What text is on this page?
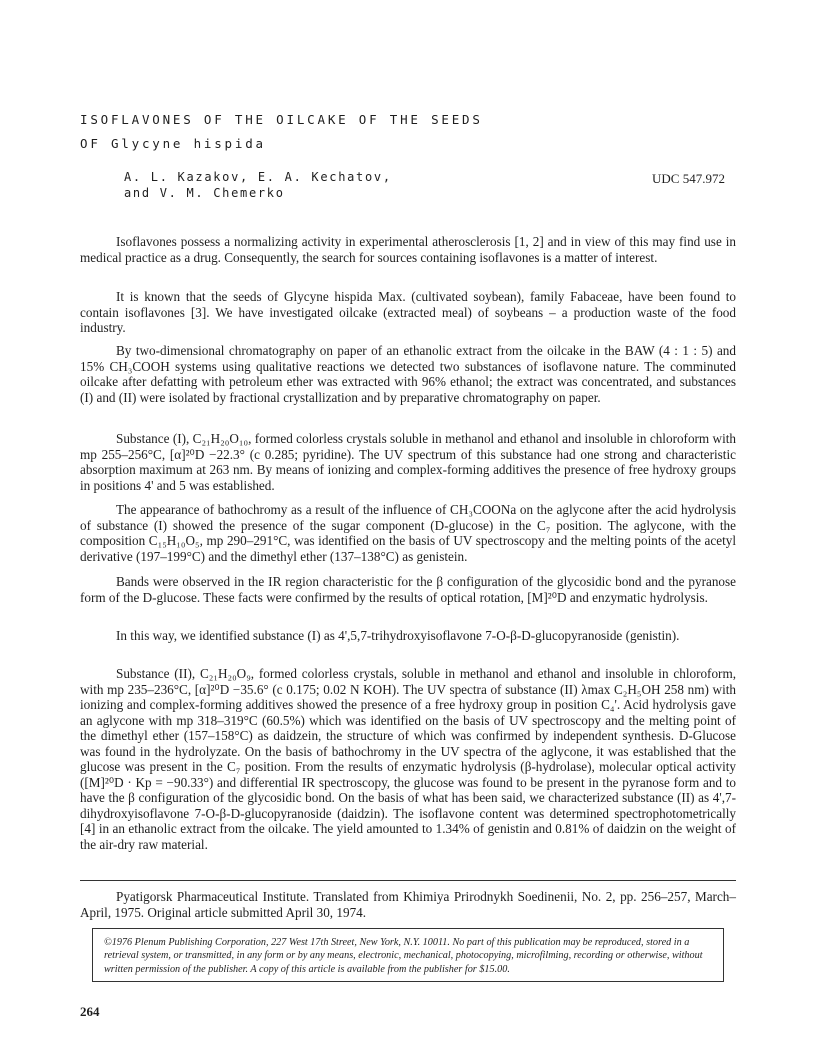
ISOFLAVONES OF THE OILCAKE OF THE SEEDS
OF Glycyne hispida
A. L. Kazakov, E. A. Kechatov,
and V. M. Chemerko
UDC 547.972

Isoflavones possess a normalizing activity in experimental atherosclerosis [1, 2] and in view of this may find use in medical practice as a drug. Consequently, the search for sources containing isoflavones is a matter of interest.

It is known that the seeds of Glycyne hispida Max. (cultivated soybean), family Fabaceae, have been found to contain isoflavones [3]. We have investigated oilcake (extracted meal) of soybeans – a production waste of the food industry.

By two-dimensional chromatography on paper of an ethanolic extract from the oilcake in the BAW (4 : 1 : 5) and 15% CH₃COOH systems using qualitative reactions we detected two substances of isoflavone nature. The comminuted oilcake after defatting with petroleum ether was extracted with 96% ethanol; the extract was concentrated, and substances (I) and (II) were isolated by fractional crystallization and by preparative chromatography on paper.

Substance (I), C₂₁H₂₀O₁₀, formed colorless crystals soluble in methanol and ethanol and insoluble in chloroform with mp 255–256°C, [α]²⁰D −22.3° (c 0.285; pyridine). The UV spectrum of this substance had one strong and characteristic absorption maximum at 263 nm. By means of ionizing and complex-forming additives the presence of free hydroxy groups in positions 4' and 5 was established.

The appearance of bathochromy as a result of the influence of CH₃COONa on the aglycone after the acid hydrolysis of substance (I) showed the presence of the sugar component (D-glucose) in the C₇ position. The aglycone, with the composition C₁₅H₁₀O₅, mp 290–291°C, was identified on the basis of UV spectroscopy and the melting points of the acetyl derivative (197–199°C) and the dimethyl ether (137–138°C) as genistein.

Bands were observed in the IR region characteristic for the β configuration of the glycosidic bond and the pyranose form of the D-glucose. These facts were confirmed by the results of optical rotation, [M]²⁰D and enzymatic hydrolysis.

In this way, we identified substance (I) as 4',5,7-trihydroxyisoflavone 7-O-β-D-glucopyranoside (genistin).

Substance (II), C₂₁H₂₀O₉, formed colorless crystals, soluble in methanol and ethanol and insoluble in chloroform, with mp 235–236°C, [α]²⁰D −35.6° (c 0.175; 0.02 N KOH). The UV spectra of substance (II) λmax C₂H₅OH 258 nm) with ionizing and complex-forming additives showed the presence of a free hydroxy group in position C₄'. Acid hydrolysis gave an aglycone with mp 318–319°C (60.5%) which was identified on the basis of UV spectroscopy and the melting point of the dimethyl ether (157–158°C) as daidzein, the structure of which was confirmed by independent synthesis. D-Glucose was found in the hydrolyzate. On the basis of bathochromy in the UV spectra of the aglycone, it was established that the glucose was present in the C₇ position. From the results of enzymatic hydrolysis (β-hydrolase), molecular optical activity ([M]²⁰D · Kp = −90.33°) and differential IR spectroscopy, the glucose was found to be present in the pyranose form and to have the β configuration of the glycosidic bond. On the basis of what has been said, we characterized substance (II) as 4',7-dihydroxyisoflavone 7-O-β-D-glucopyranoside (daidzin). The isoflavone content was determined spectrophotometrically [4] in an ethanolic extract from the oilcake. The yield amounted to 1.34% of genistin and 0.81% of daidzin on the weight of the air-dry raw material.

Pyatigorsk Pharmaceutical Institute. Translated from Khimiya Prirodnykh Soedinenii, No. 2, pp. 256–257, March–April, 1975. Original article submitted April 30, 1974.

©1976 Plenum Publishing Corporation, 227 West 17th Street, New York, N.Y. 10011. No part of this publication may be reproduced, stored in a retrieval system, or transmitted, in any form or by any means, electronic, mechanical, photocopying, microfilming, recording or otherwise, without written permission of the publisher. A copy of this article is available from the publisher for $15.00.
264
